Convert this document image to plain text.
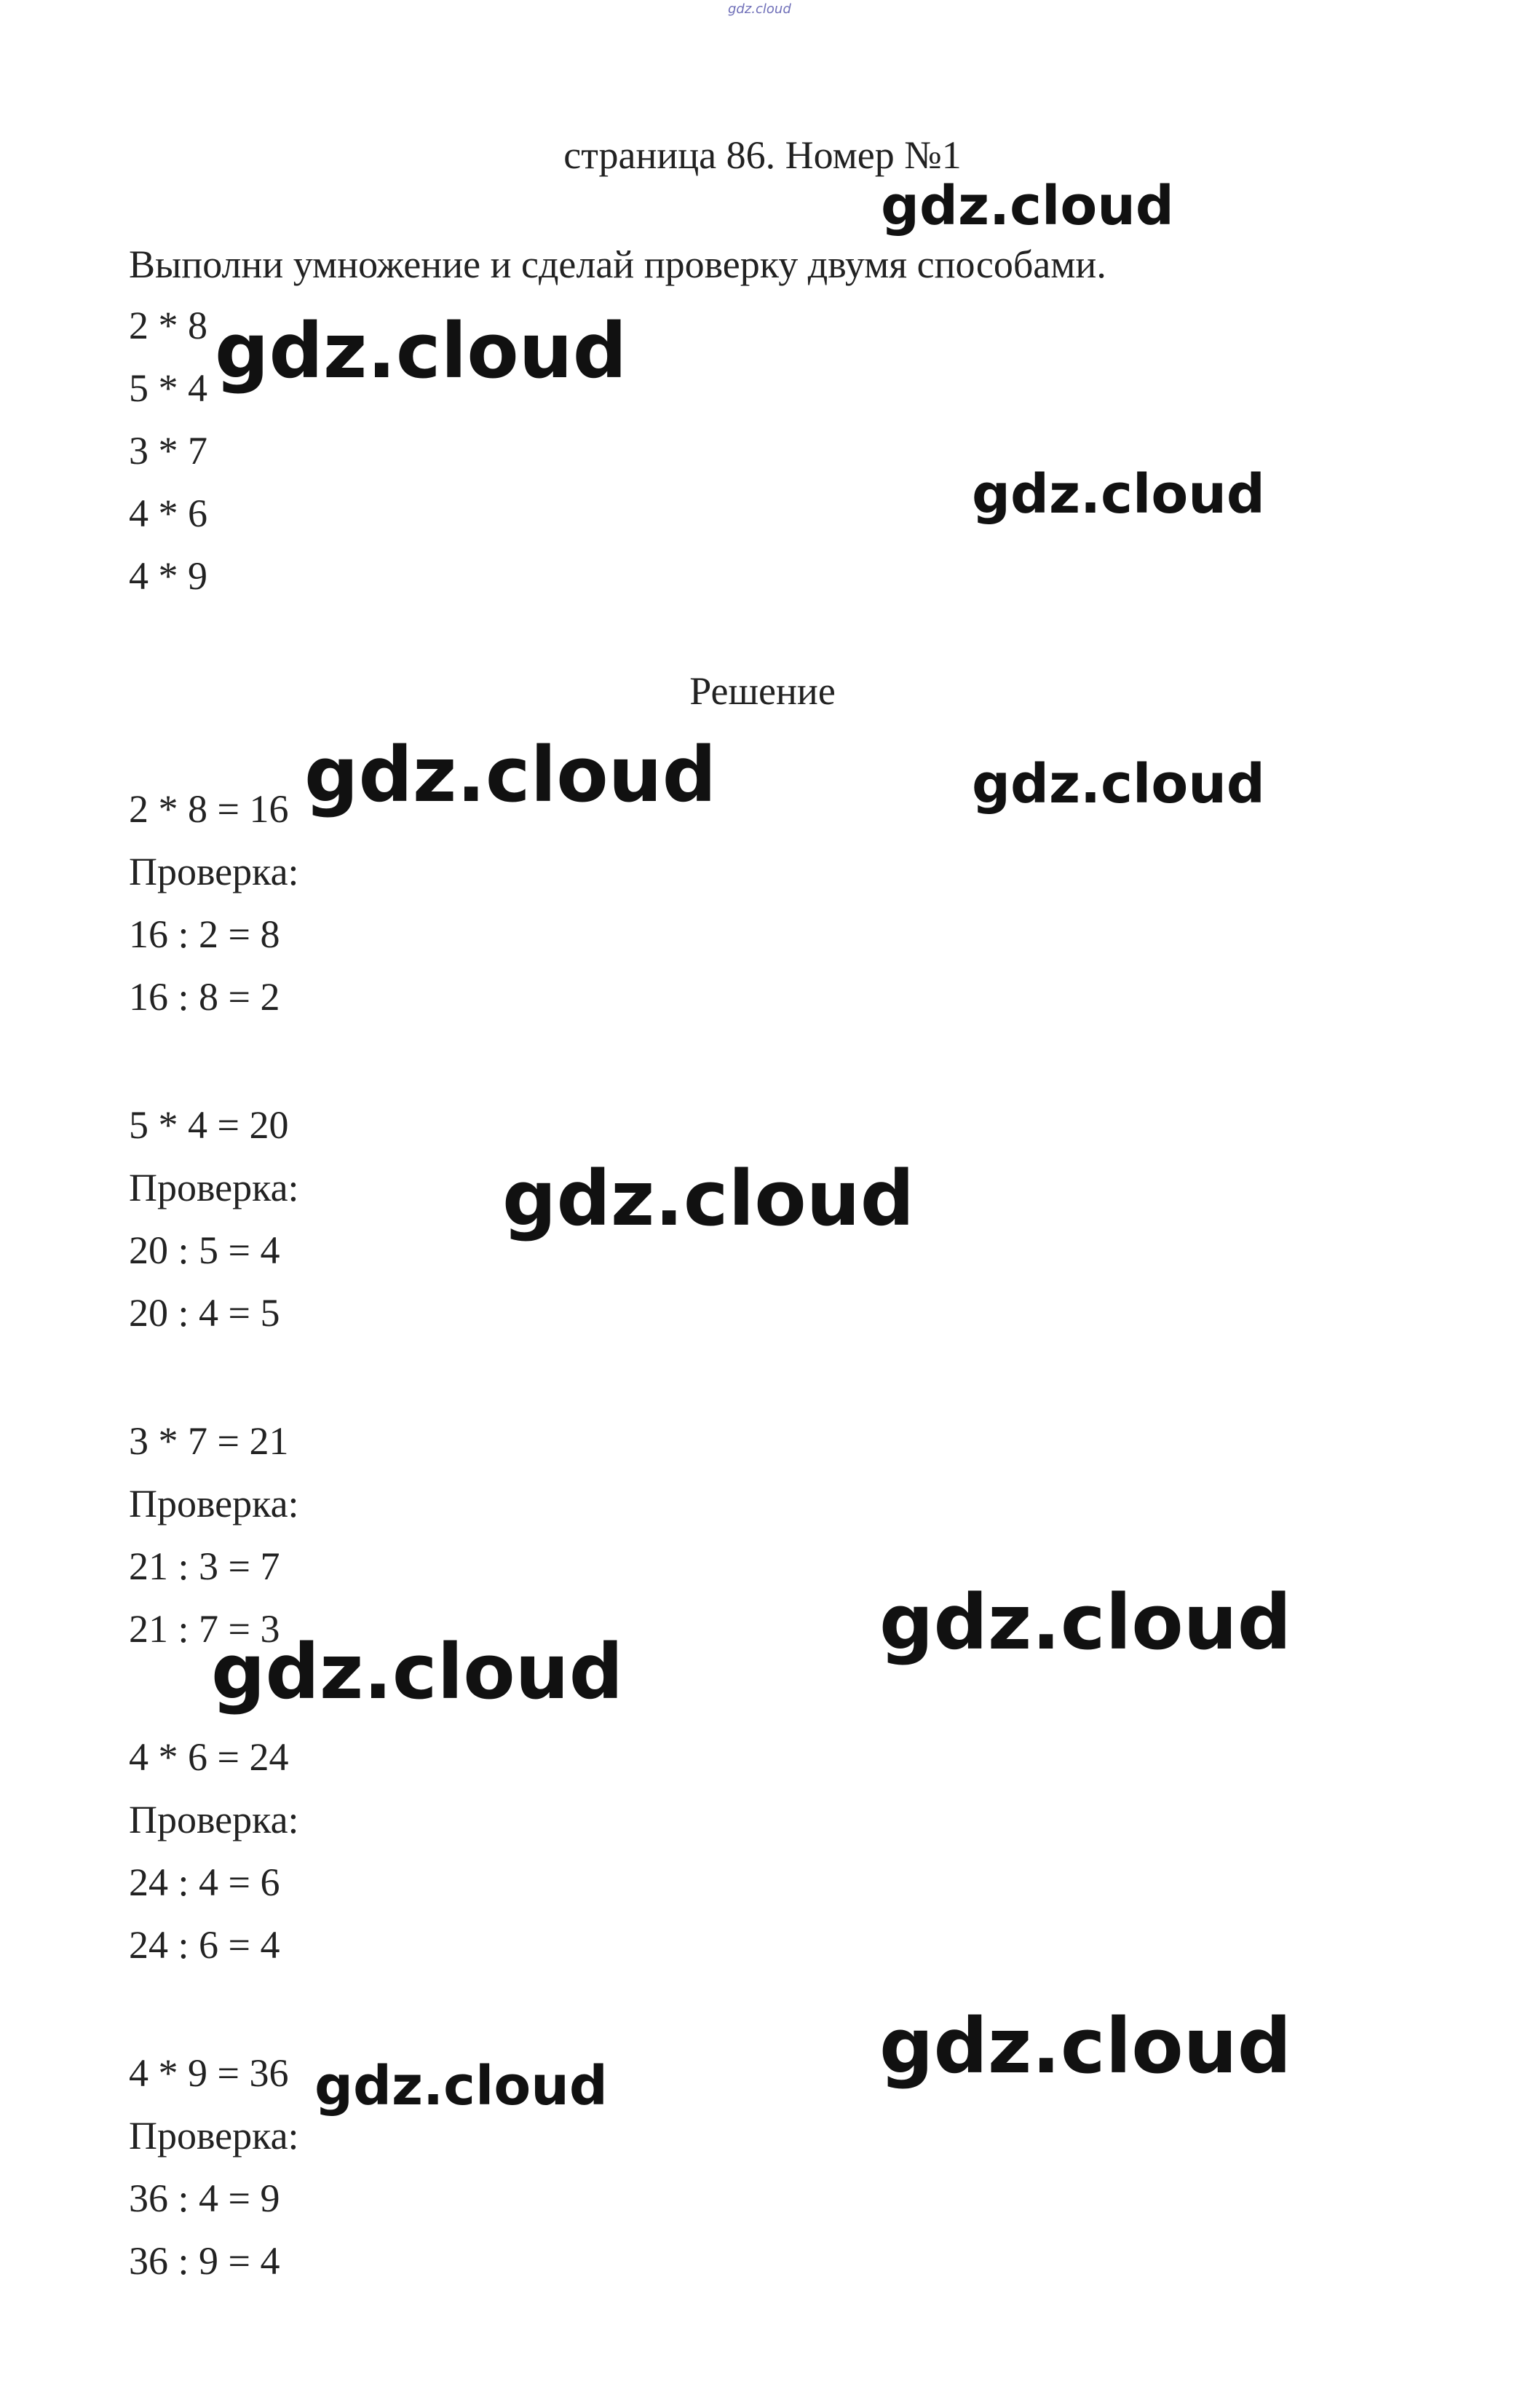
gdz.cloud
страница 86. Номер №1
Выполни умножение и сделай проверку двумя способами.
2 * 8
5 * 4
3 * 7
4 * 6
4 * 9
Решение
2 * 8 = 16
Проверка:
16 : 2 = 8
16 : 8 = 2
5 * 4 = 20
Проверка:
20 : 5 = 4
20 : 4 = 5
3 * 7 = 21
Проверка:
21 : 3 = 7
21 : 7 = 3
4 * 6 = 24
Проверка:
24 : 4 = 6
24 : 6 = 4
4 * 9 = 36
Проверка:
36 : 4 = 9
36 : 9 = 4
gdz.cloud
gdz.cloud
gdz.cloud
gdz.cloud	gdz.cloud
gdz.cloud
gdz.cloud
gdz.cloud
gdz.cloud
gdz.cloud
